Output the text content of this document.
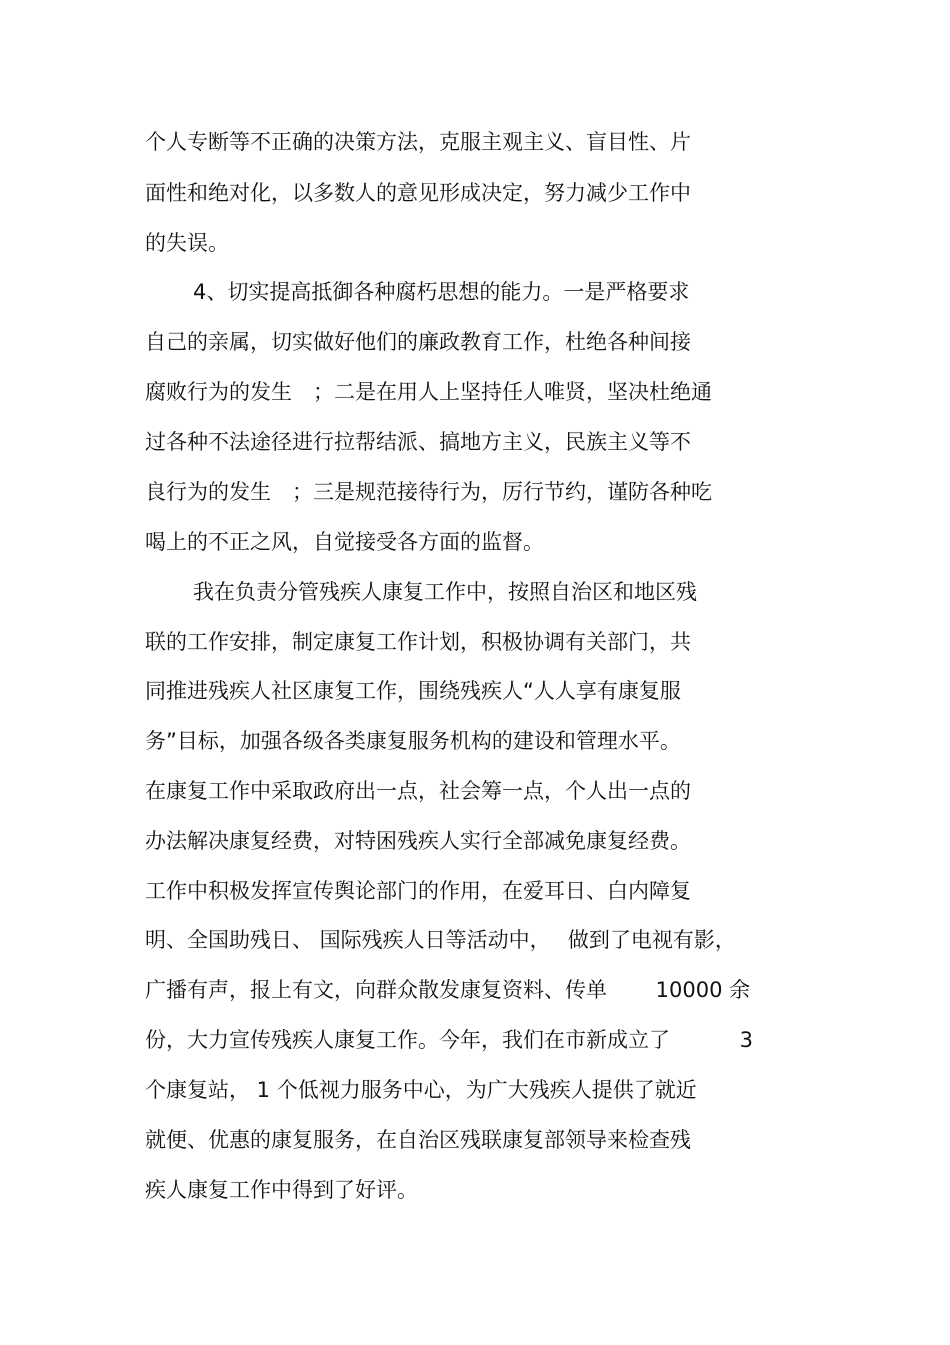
个人专断等不正确的决策方法，克服主观主义、盲目性、片
面性和绝对化，以多数人的意见形成决定，努力减少工作中
的失误。
4、切实提高抵御各种腐朽思想的能力。一是严格要求
自己的亲属，切实做好他们的廉政教育工作，杜绝各种间接
腐败行为的发生　；二是在用人上坚持任人唯贤，坚决杜绝通
过各种不法途径进行拉帮结派、搞地方主义，民族主义等不
良行为的发生　；三是规范接待行为，厉行节约，谨防各种吃
喝上的不正之风，自觉接受各方面的监督。
我在负责分管残疾人康复工作中，按照自治区和地区残
联的工作安排，制定康复工作计划，积极协调有关部门，共
同推进残疾人社区康复工作，围绕残疾人“人人享有康复服
务”目标，加强各级各类康复服务机构的建设和管理水平。
在康复工作中采取政府出一点，社会筹一点，个人出一点的
办法解决康复经费，对特困残疾人实行全部减免康复经费。
工作中积极发挥宣传舆论部门的作用，在爱耳日、白内障复
明、全国助残日、 国际残疾人日等活动中，　 做到了电视有影，
广播有声，报上有文，向群众散发康复资料、传单　　 10000 余
份，大力宣传残疾人康复工作。今年，我们在市新成立了　　　 3
个康复站， 1 个低视力服务中心，为广大残疾人提供了就近
就便、优惠的康复服务，在自治区残联康复部领导来检查残
疾人康复工作中得到了好评。
